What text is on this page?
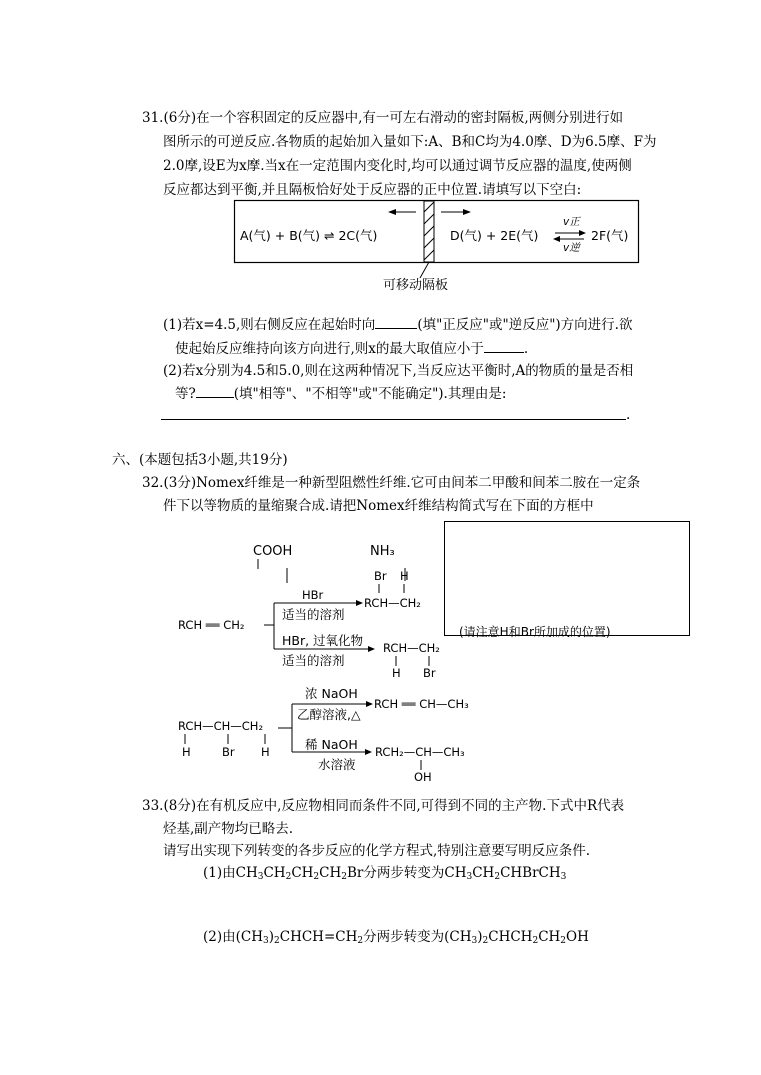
31.(6分)在一个容积固定的反应器中,有一可左右滑动的密封隔板,两侧分别进行如
图所示的可逆反应.各物质的起始加入量如下:A、B和C均为4.0摩、D为6.5摩、F为
2.0摩,设E为x摩.当x在一定范围内变化时,均可以通过调节反应器的温度,使两侧
反应都达到平衡,并且隔板恰好处于反应器的正中位置.请填写以下空白:
A(气) + B(气) ⇌ 2C(气)	D(气) + 2E(气)
v正
v逆
2F(气)
可移动隔板
(1)若x=4.5,则右侧反应在起始时向	(填"正反应"或"逆反应")方向进行.欲
使起始反应维持向该方向进行,则x的最大取值应小于	.
(2)若x分别为4.5和5.0,则在这两种情况下,当反应达平衡时,A的物质的量是否相
等?	(填"相等"、"不相等"或"不能确定").其理由是:
.
六、(本题包括3小题,共19分)
32.(3分)Nomex纤维是一种新型阻燃性纤维.它可由间苯二甲酸和间苯二胺在一定条
件下以等物质的量缩聚合成.请把Nomex纤维结构简式写在下面的方框中
COOH	NH₃
(请注意H和Br所加成的位置)
RCH ══ CH₂
HBr
适当的溶剂
Br H
RCH—CH₂
HBr, 过氧化物
适当的溶剂
RCH—CH₂
H Br
RCH—CH—CH₂
H	Br H
浓 NaOH
乙醇溶液,△
RCH ══ CH—CH₃
稀 NaOH
水溶液
RCH₂—CH—CH₃
OH
33.(8分)在有机反应中,反应物相同而条件不同,可得到不同的主产物.下式中R代表
烃基,副产物均已略去.
请写出实现下列转变的各步反应的化学方程式,特别注意要写明反应条件.
(1)由$CH_3CH_2CH_2CH_2Br$分两步转变为$CH_3CH_2CHBrCH_3$
(2)由$(CH_3)_2CHCH=CH_2$分两步转变为$(CH_3)_2CHCH_2CH_2OH$
